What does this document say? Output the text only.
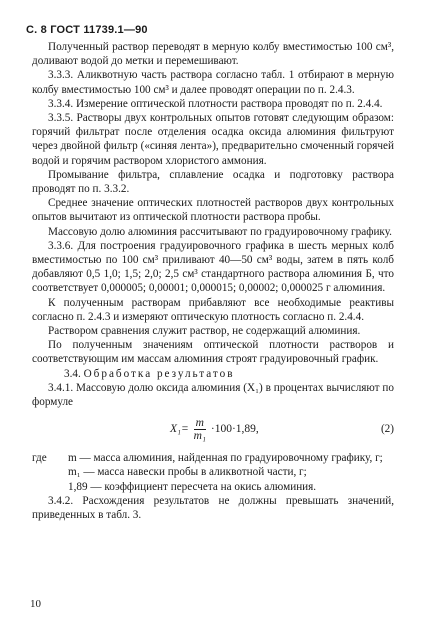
С. 8 ГОСТ 11739.1—90

Полученный раствор переводят в мерную колбу вместимостью 100 см³, доливают водой до метки и перемешивают.

3.3.3. Аликвотную часть раствора согласно табл. 1 отбирают в мерную колбу вместимостью 100 см³ и далее проводят операции по п. 2.4.3.

3.3.4. Измерение оптической плотности раствора проводят по п. 2.4.4.

3.3.5. Растворы двух контрольных опытов готовят следующим образом: горячий фильтрат после отделения осадка оксида алюминия фильтруют через двойной фильтр («синяя лента»), предварительно смоченный горячей водой и горячим раствором хлористого аммония.

Промывание фильтра, сплавление осадка и подготовку раствора проводят по п. 3.3.2.

Среднее значение оптических плотностей растворов двух контрольных опытов вычитают из оптической плотности раствора пробы.

Массовую долю алюминия рассчитывают по градуировочному графику.

3.3.6. Для построения градуировочного графика в шесть мерных колб вместимостью по 100 см³ приливают 40—50 см³ воды, затем в пять колб добавляют 0,5 1,0; 1,5; 2,0; 2,5 см³ стандартного раствора алюминия Б, что соответствует 0,000005; 0,00001; 0,000015; 0,00002; 0,000025 г алюминия.

К полученным растворам прибавляют все необходимые реактивы согласно п. 2.4.3 и измеряют оптическую плотность согласно п. 2.4.4.

Раствором сравнения служит раствор, не содержащий алюминия.

По полученным значениям оптической плотности растворов и соответствующим им массам алюминия строят градуировочный график.

3.4. Обработка результатов

3.4.1. Массовую долю оксида алюминия (X₁) в процентах вычисляют по формуле

$X_1= \frac{m}{\text{m₁}} \cdot 100\cdot 1,89$,	(2)
где	m — масса алюминия, найденная по градуировочному графику, г;
m₁ — масса навески пробы в аликвотной части, г;
1,89 — коэффициент пересчета на окись алюминия.

3.4.2. Расхождения результатов не должны превышать значений, приведенных в табл. 3.

10
